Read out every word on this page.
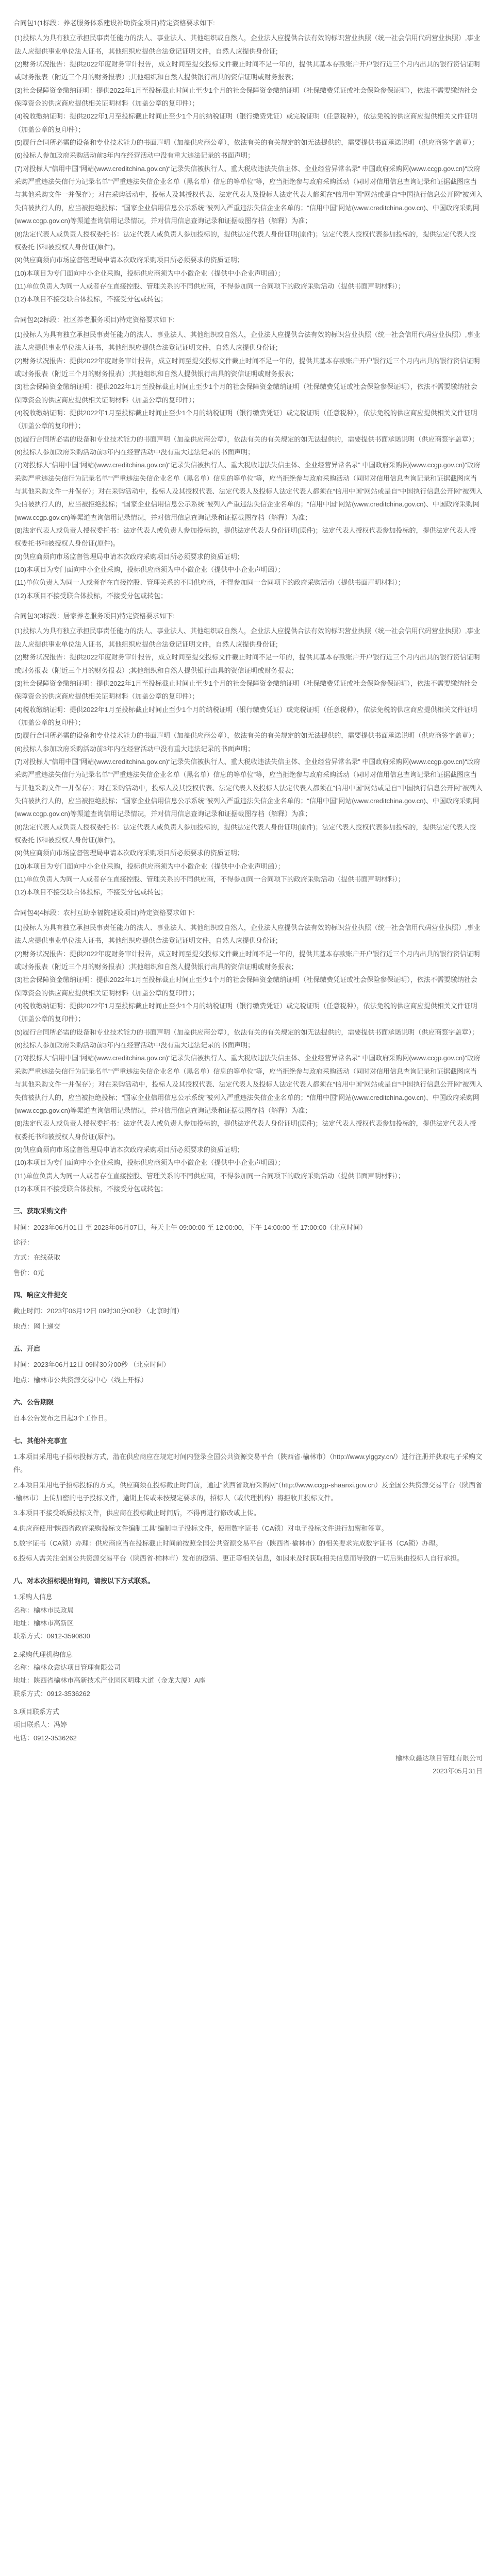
合同包1(1标段：养老服务体系建设补助资金项目)特定资格要求如下:

(1)投标人为具有独立承担民事责任能力的法人、事业法人、其他组织或自然人，企业法人应提供合法有效的标识营业执照（统一社会信用代码营业执照）,事业法人应提供事业单位法人证书，其他组织应提供合法登记证明文件，自然人应提供身份证;

(2)财务状况报告：提供2022年度财务审计报告，成立时间至提交投标文件截止时间不足一年的，提供其基本存款账户开户银行近三个月内出具的银行资信证明或财务报表（附近三个月的财务报表）;其他组织和自然人提供银行出具的资信证明或财务报表；

(3)社会保障资金缴纳证明：提供2022年1月至投标截止时间止至少1个月的社会保障资金缴纳证明（社保缴费凭证或社会保险参保证明），依法不需要缴纳社会保障资金的供应商应提供相关证明材料（加盖公章的复印件）；

(4)税收缴纳证明：提供2022年1月至投标截止时间止至少1个月的纳税证明（银行缴费凭证）或完税证明（任意税种），依法免税的供应商应提供相关文件证明（加盖公章的复印件）；

(5)履行合同所必需的设备和专业技术能力的书面声明（加盖供应商公章），依法有关的有关规定的如无法提供的，需要提供书面承诺说明（供应商签字盖章）；

(6)投标人参加政府采购活动前3年内在经营活动中没有重大违法记录的书面声明；

(7)对投标人“信用中国”网站(www.creditchina.gov.cn)“记录失信被执行人、重大税收违法失信主体、企业经营异常名录” 中国政府采购网(www.ccgp.gov.cn)“政府采购严重违法失信行为记录名单”“严重违法失信企业名单（黑名单）信息的等单位”等，应当拒绝参与政府采购活动（同时对信用信息查询记录和证据截图应当与其他采购文件一并保存）；对在采购活动中，投标人及其授权代表、法定代表人及投标人法定代表人都须在“信用中国”网站或是自“中国执行信息公开网”被列入失信被执行人的，应当被拒绝投标；“国家企业信用信息公示系统”被列入严重违法失信企业名单的；“信用中国”网站(www.creditchina.gov.cn)、中国政府采购网(www.ccgp.gov.cn)等渠道查询信用记录情况，并对信用信息查询记录和证据截图存档（解释）为准；

(8)法定代表人或负责人授权委托书：法定代表人或负责人参加投标的，提供法定代表人身份证明(原件)；法定代表人授权代表参加投标的，提供法定代表人授权委托书和被授权人身份证(原件)。

(9)供应商须向市场监督管理局申请本次政府采购项目所必须要求的资质证明；

(10)本项目为专门面向中小企业采购，投标供应商须为中小微企业（提供中小企业声明函）；

(11)单位负责人为同一人或者存在直接控股、管理关系的不同供应商，不得参加同一合同项下的政府采购活动（提供书面声明材料）；

(12)本项目不接受联合体投标，不接受分包或转包；

合同包2(2标段：社区养老服务项目)特定资格要求如下:

(1)投标人为具有独立承担民事责任能力的法人、事业法人、其他组织或自然人，企业法人应提供合法有效的标识营业执照（统一社会信用代码营业执照）,事业法人应提供事业单位法人证书，其他组织应提供合法登记证明文件，自然人应提供身份证;

(2)财务状况报告：提供2022年度财务审计报告，成立时间至提交投标文件截止时间不足一年的，提供其基本存款账户开户银行近三个月内出具的银行资信证明或财务报表（附近三个月的财务报表）;其他组织和自然人提供银行出具的资信证明或财务报表；

(3)社会保障资金缴纳证明：提供2022年1月至投标截止时间止至少1个月的社会保障资金缴纳证明（社保缴费凭证或社会保险参保证明），依法不需要缴纳社会保障资金的供应商应提供相关证明材料（加盖公章的复印件）；

(4)税收缴纳证明：提供2022年1月至投标截止时间止至少1个月的纳税证明（银行缴费凭证）或完税证明（任意税种），依法免税的供应商应提供相关文件证明（加盖公章的复印件）；

(5)履行合同所必需的设备和专业技术能力的书面声明（加盖供应商公章），依法有关的有关规定的如无法提供的，需要提供书面承诺说明（供应商签字盖章）；

(6)投标人参加政府采购活动前3年内在经营活动中没有重大违法记录的书面声明；

(7)对投标人“信用中国”网站(www.creditchina.gov.cn)“记录失信被执行人、重大税收违法失信主体、企业经营异常名录” 中国政府采购网(www.ccgp.gov.cn)“政府采购严重违法失信行为记录名单”“严重违法失信企业名单（黑名单）信息的等单位”等，应当拒绝参与政府采购活动（同时对信用信息查询记录和证据截图应当与其他采购文件一并保存）；对在采购活动中，投标人及其授权代表、法定代表人及投标人法定代表人都须在“信用中国”网站或是自“中国执行信息公开网”被列入失信被执行人的，应当被拒绝投标；“国家企业信用信息公示系统”被列入严重违法失信企业名单的；“信用中国”网站(www.creditchina.gov.cn)、中国政府采购网(www.ccgp.gov.cn)等渠道查询信用记录情况，并对信用信息查询记录和证据截图存档（解释）为准；

(8)法定代表人或负责人授权委托书：法定代表人或负责人参加投标的，提供法定代表人身份证明(原件)；法定代表人授权代表参加投标的，提供法定代表人授权委托书和被授权人身份证(原件)。

(9)供应商须向市场监督管理局申请本次政府采购项目所必须要求的资质证明；

(10)本项目为专门面向中小企业采购，投标供应商须为中小微企业（提供中小企业声明函）；

(11)单位负责人为同一人或者存在直接控股、管理关系的不同供应商，不得参加同一合同项下的政府采购活动（提供书面声明材料）；

(12)本项目不接受联合体投标，不接受分包或转包；

合同包3(3标段：居家养老服务项目)特定资格要求如下:

(1)投标人为具有独立承担民事责任能力的法人、事业法人、其他组织或自然人，企业法人应提供合法有效的标识营业执照（统一社会信用代码营业执照）,事业法人应提供事业单位法人证书，其他组织应提供合法登记证明文件，自然人应提供身份证;

(2)财务状况报告：提供2022年度财务审计报告，成立时间至提交投标文件截止时间不足一年的，提供其基本存款账户开户银行近三个月内出具的银行资信证明或财务报表（附近三个月的财务报表）;其他组织和自然人提供银行出具的资信证明或财务报表；

(3)社会保障资金缴纳证明：提供2022年1月至投标截止时间止至少1个月的社会保障资金缴纳证明（社保缴费凭证或社会保险参保证明），依法不需要缴纳社会保障资金的供应商应提供相关证明材料（加盖公章的复印件）；

(4)税收缴纳证明：提供2022年1月至投标截止时间止至少1个月的纳税证明（银行缴费凭证）或完税证明（任意税种），依法免税的供应商应提供相关文件证明（加盖公章的复印件）；

(5)履行合同所必需的设备和专业技术能力的书面声明（加盖供应商公章），依法有关的有关规定的如无法提供的，需要提供书面承诺说明（供应商签字盖章）；

(6)投标人参加政府采购活动前3年内在经营活动中没有重大违法记录的书面声明；

(7)对投标人“信用中国”网站(www.creditchina.gov.cn)“记录失信被执行人、重大税收违法失信主体、企业经营异常名录” 中国政府采购网(www.ccgp.gov.cn)“政府采购严重违法失信行为记录名单”“严重违法失信企业名单（黑名单）信息的等单位”等，应当拒绝参与政府采购活动（同时对信用信息查询记录和证据截图应当与其他采购文件一并保存）；对在采购活动中，投标人及其授权代表、法定代表人及投标人法定代表人都须在“信用中国”网站或是自“中国执行信息公开网”被列入失信被执行人的，应当被拒绝投标；“国家企业信用信息公示系统”被列入严重违法失信企业名单的；“信用中国”网站(www.creditchina.gov.cn)、中国政府采购网(www.ccgp.gov.cn)等渠道查询信用记录情况，并对信用信息查询记录和证据截图存档（解释）为准；

(8)法定代表人或负责人授权委托书：法定代表人或负责人参加投标的，提供法定代表人身份证明(原件)；法定代表人授权代表参加投标的，提供法定代表人授权委托书和被授权人身份证(原件)。

(9)供应商须向市场监督管理局申请本次政府采购项目所必须要求的资质证明；

(10)本项目为专门面向中小企业采购，投标供应商须为中小微企业（提供中小企业声明函）；

(11)单位负责人为同一人或者存在直接控股、管理关系的不同供应商，不得参加同一合同项下的政府采购活动（提供书面声明材料）；

(12)本项目不接受联合体投标，不接受分包或转包；

合同包4(4标段：农村互助幸福院建设项目)特定资格要求如下:

(1)投标人为具有独立承担民事责任能力的法人、事业法人、其他组织或自然人，企业法人应提供合法有效的标识营业执照（统一社会信用代码营业执照）,事业法人应提供事业单位法人证书，其他组织应提供合法登记证明文件，自然人应提供身份证;

(2)财务状况报告：提供2022年度财务审计报告，成立时间至提交投标文件截止时间不足一年的，提供其基本存款账户开户银行近三个月内出具的银行资信证明或财务报表（附近三个月的财务报表）;其他组织和自然人提供银行出具的资信证明或财务报表；

(3)社会保障资金缴纳证明：提供2022年1月至投标截止时间止至少1个月的社会保障资金缴纳证明（社保缴费凭证或社会保险参保证明），依法不需要缴纳社会保障资金的供应商应提供相关证明材料（加盖公章的复印件）；

(4)税收缴纳证明：提供2022年1月至投标截止时间止至少1个月的纳税证明（银行缴费凭证）或完税证明（任意税种），依法免税的供应商应提供相关文件证明（加盖公章的复印件）；

(5)履行合同所必需的设备和专业技术能力的书面声明（加盖供应商公章），依法有关的有关规定的如无法提供的，需要提供书面承诺说明（供应商签字盖章）；

(6)投标人参加政府采购活动前3年内在经营活动中没有重大违法记录的书面声明；

(7)对投标人“信用中国”网站(www.creditchina.gov.cn)“记录失信被执行人、重大税收违法失信主体、企业经营异常名录” 中国政府采购网(www.ccgp.gov.cn)“政府采购严重违法失信行为记录名单”“严重违法失信企业名单（黑名单）信息的等单位”等，应当拒绝参与政府采购活动（同时对信用信息查询记录和证据截图应当与其他采购文件一并保存）；对在采购活动中，投标人及其授权代表、法定代表人及投标人法定代表人都须在“信用中国”网站或是自“中国执行信息公开网”被列入失信被执行人的，应当被拒绝投标；“国家企业信用信息公示系统”被列入严重违法失信企业名单的；“信用中国”网站(www.creditchina.gov.cn)、中国政府采购网(www.ccgp.gov.cn)等渠道查询信用记录情况，并对信用信息查询记录和证据截图存档（解释）为准；

(8)法定代表人或负责人授权委托书：法定代表人或负责人参加投标的，提供法定代表人身份证明(原件)；法定代表人授权代表参加投标的，提供法定代表人授权委托书和被授权人身份证(原件)。

(9)供应商须向市场监督管理局申请本次政府采购项目所必须要求的资质证明；

(10)本项目为专门面向中小企业采购，投标供应商须为中小微企业（提供中小企业声明函）；

(11)单位负责人为同一人或者存在直接控股、管理关系的不同供应商，不得参加同一合同项下的政府采购活动（提供书面声明材料）；

(12)本项目不接受联合体投标，不接受分包或转包；

三、获取采购文件

时间：2023年06月01日 至 2023年06月07日，每天上午 09:00:00 至 12:00:00，下午 14:00:00 至 17:00:00（北京时间）

途径：

方式：在线获取

售价：0元

四、响应文件提交

截止时间：2023年06月12日 09时30分00秒 （北京时间）

地点：网上递交

五、开启

时间：2023年06月12日 09时30分00秒 （北京时间）

地点：榆林市公共资源交易中心（线上开标）

六、公告期限

自本公告发布之日起3个工作日。

七、其他补充事宜

1.本项目采用电子招标投标方式，潜在供应商应在规定时间内登录全国公共资源交易平台（陕西省·榆林市）（http://www.ylggzy.cn/）进行注册并获取电子采购文件。

2.本项目采用电子招标投标的方式，供应商须在投标截止时间前，通过“陕西省政府采购网”（http://www.ccgp-shaanxi.gov.cn）及全国公共资源交易平台（陕西省·榆林市）上传加密的电子投标文件，逾期上传或未按规定要求的，招标人（或代理机构）将拒收其投标文件。

3.本项目不接受纸质投标文件，供应商在投标截止时间后，不得再进行修改或上传。

4.供应商使用“陕西省政府采购投标文件编制工具”编制电子投标文件，使用数字证书（CA锁）对电子投标文件进行加密和签章。

5.数字证书（CA锁）办理：供应商应当在投标截止时间前按照全国公共资源交易平台（陕西省·榆林市）的相关要求完成数字证书（CA锁）办理。

6.投标人需关注全国公共资源交易平台（陕西省·榆林市）发布的澄清、更正等相关信息，如因未及时获取相关信息而导致的一切后果由投标人自行承担。

八、对本次招标提出询问，请按以下方式联系。

1.采购人信息

名称：榆林市民政局

地址：榆林市高新区

联系方式：0912-3590830

2.采购代理机构信息

名称：榆林众鑫达项目管理有限公司

地址：陕西省榆林市高新技术产业园区明珠大道（金龙大厦）A座

联系方式：0912-3536262

3.项目联系方式

项目联系人：冯婷

电话：0912-3536262

榆林众鑫达项目管理有限公司
2023年05月31日
